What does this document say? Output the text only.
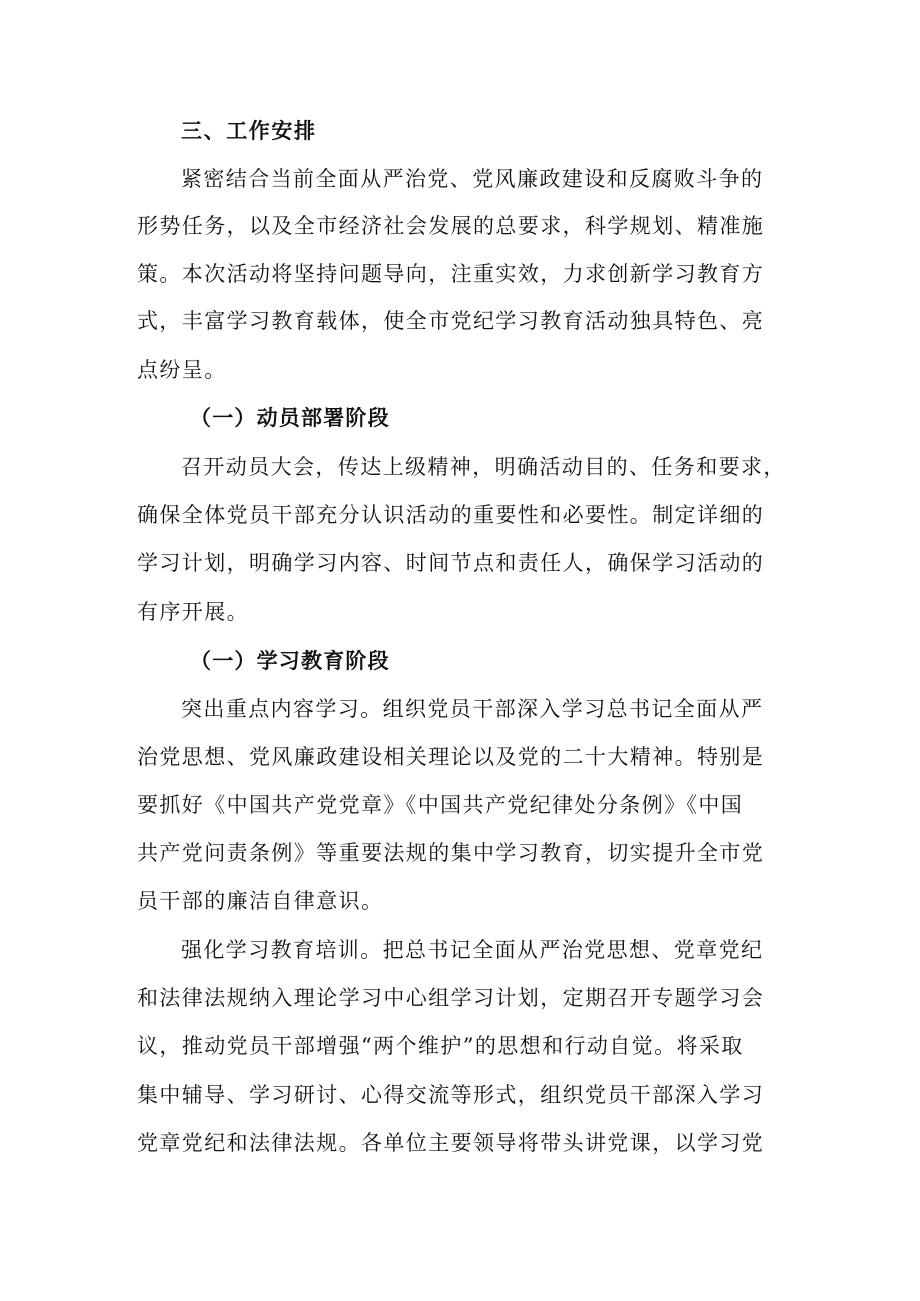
三、工作安排
紧密结合当前全面从严治党、党风廉政建设和反腐败斗争的
形势任务，以及全市经济社会发展的总要求，科学规划、精准施
策。本次活动将坚持问题导向，注重实效，力求创新学习教育方
式，丰富学习教育载体，使全市党纪学习教育活动独具特色、亮
点纷呈。
（一）动员部署阶段
召开动员大会，传达上级精神，明确活动目的、任务和要求，
确保全体党员干部充分认识活动的重要性和必要性。制定详细的
学习计划，明确学习内容、时间节点和责任人，确保学习活动的
有序开展。
（一）学习教育阶段
突出重点内容学习。组织党员干部深入学习总书记全面从严
治党思想、党风廉政建设相关理论以及党的二十大精神。特别是
要抓好《中国共产党党章》《中国共产党纪律处分条例》《中国
共产党问责条例》等重要法规的集中学习教育，切实提升全市党
员干部的廉洁自律意识。
强化学习教育培训。把总书记全面从严治党思想、党章党纪
和法律法规纳入理论学习中心组学习计划，定期召开专题学习会
议，推动党员干部增强“两个维护”的思想和行动自觉。将采取
集中辅导、学习研讨、心得交流等形式，组织党员干部深入学习
党章党纪和法律法规。各单位主要领导将带头讲党课，以学习党
